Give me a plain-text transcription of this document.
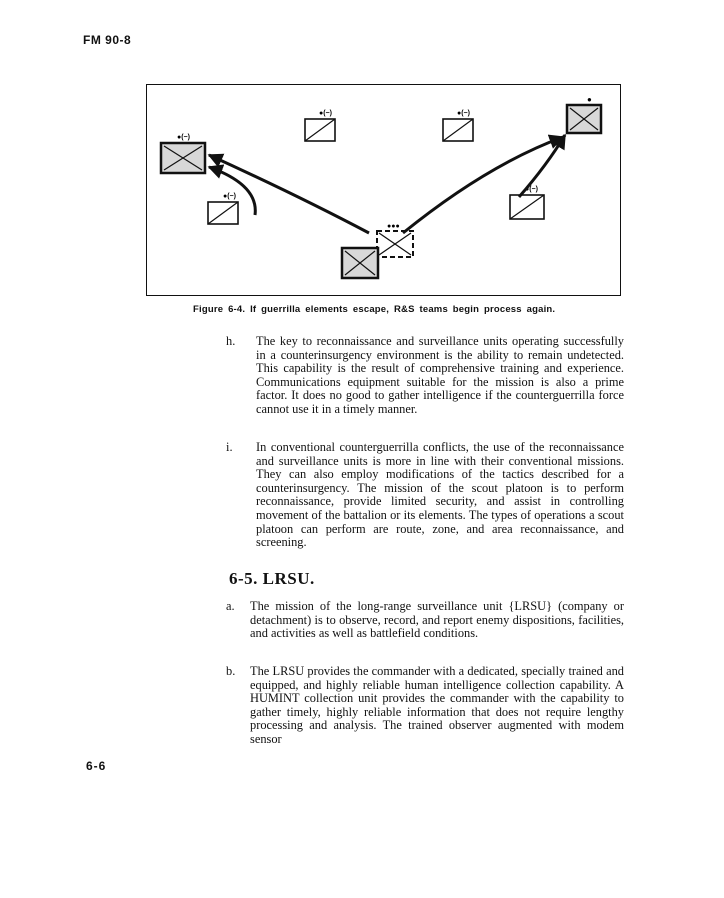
FM 90-8
●(−)
●
●(−)	●(−)
●(−)
●(−)
●●●
Figure 6-4. If guerrilla elements escape, R&S teams begin process again.
h. The key to reconnaissance and surveillance units operating successfully in a counterinsurgency environment is the ability to remain undetected. This capability is the result of comprehensive training and experience. Communications equipment suitable for the mission is also a prime factor. It does no good to gather intelligence if the counterguerrilla force cannot use it in a timely manner.
i. In conventional counterguerrilla conflicts, the use of the reconnaissance and surveillance units is more in line with their conventional missions. They can also employ modifications of the tactics described for a counterinsurgency. The mission of the scout platoon is to perform reconnaissance, provide limited security, and assist in controlling movement of the battalion or its elements. The types of operations a scout platoon can perform are route, zone, and area reconnaissance, and screening.
6-5. LRSU.
a. The mission of the long-range surveillance unit {LRSU} (company or detachment) is to observe, record, and report enemy dispositions, facilities, and activities as well as battlefield conditions.
b. The LRSU provides the commander with a dedicated, specially trained and equipped, and highly reliable human intelligence collection capability. A HUMINT collection unit provides the commander with the capability to gather timely, highly reliable information that does not require lengthy processing and analysis. The trained observer augmented with modem sensor
6-6
